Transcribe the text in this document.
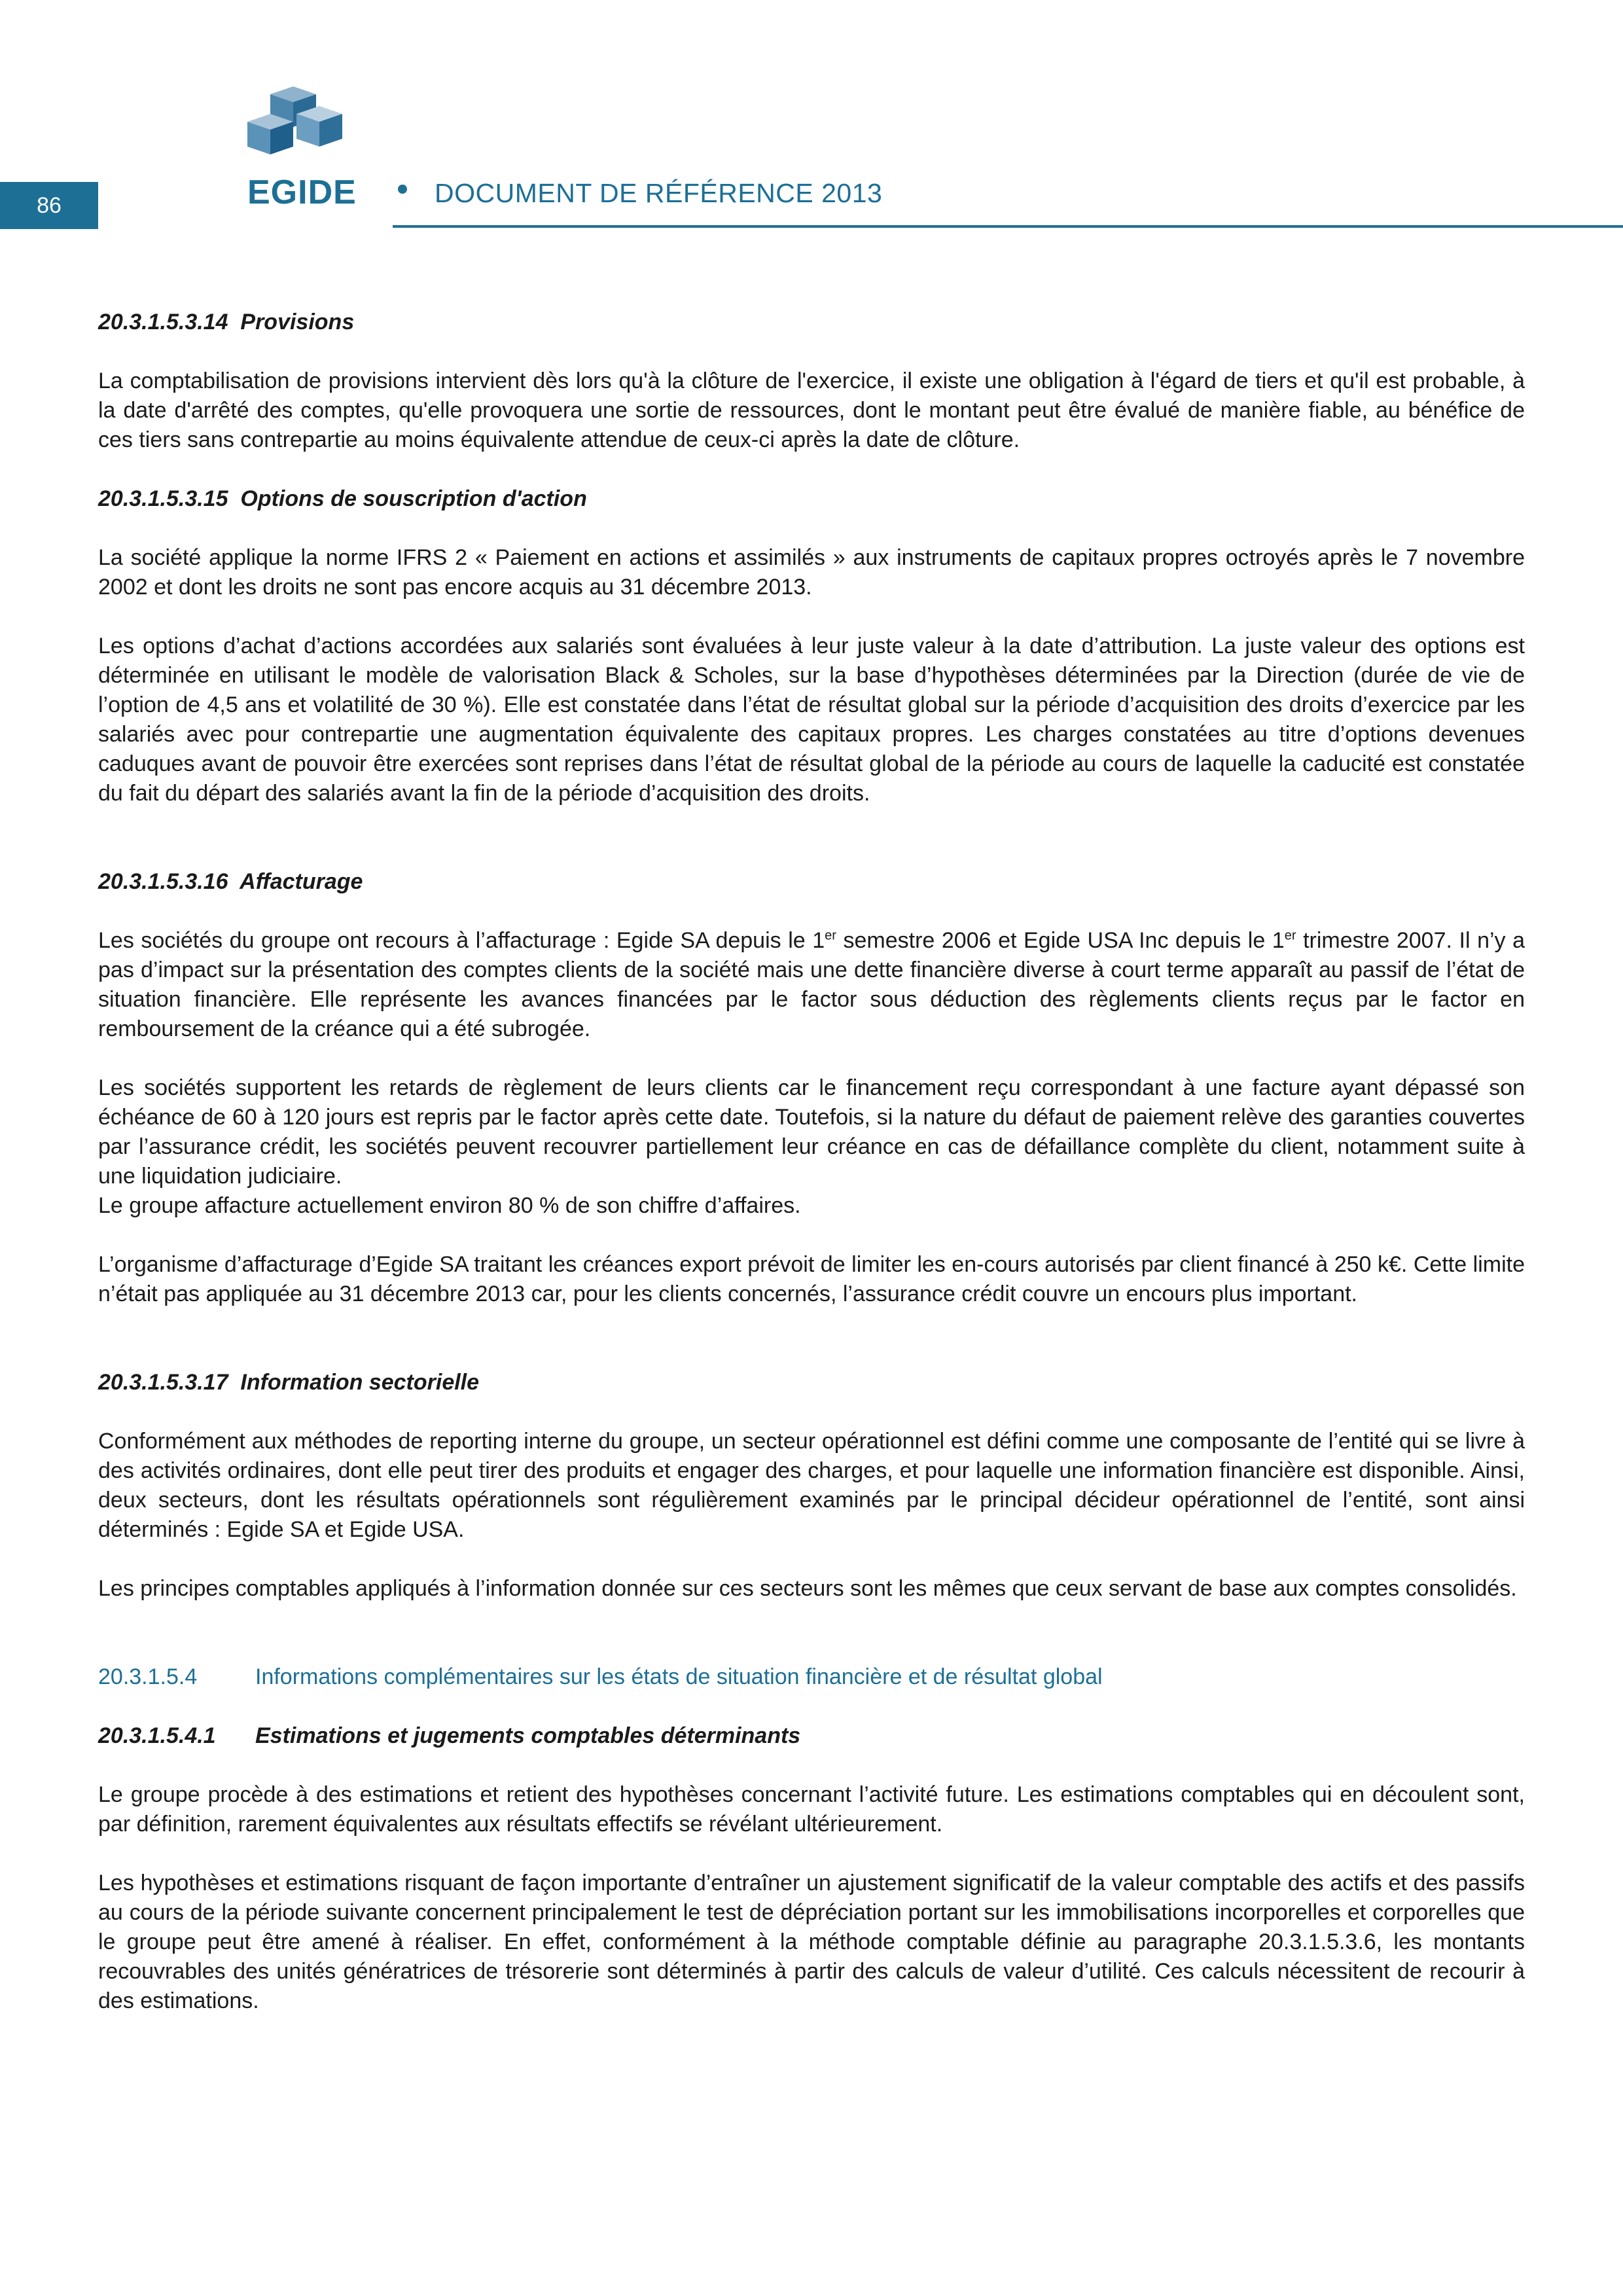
86	EGIDE	DOCUMENT DE RÉFÉRENCE 2013
20.3.1.5.3.14  Provisions
La comptabilisation de provisions intervient dès lors qu'à la clôture de l'exercice, il existe une obligation à l'égard de tiers et qu'il est probable, à la date d'arrêté des comptes, qu'elle provoquera une sortie de ressources, dont le montant peut être évalué de manière fiable, au bénéfice de ces tiers sans contrepartie au moins équivalente attendue de ceux-ci après la date de clôture.
20.3.1.5.3.15  Options de souscription d'action
La société applique la norme IFRS 2 « Paiement en actions et assimilés » aux instruments de capitaux propres octroyés après le 7 novembre 2002 et dont les droits ne sont pas encore acquis au 31 décembre 2013.
Les options d’achat d’actions accordées aux salariés sont évaluées à leur juste valeur à la date d’attribution. La juste valeur des options est déterminée en utilisant le modèle de valorisation Black & Scholes, sur la base d’hypothèses déterminées par la Direction (durée de vie de l’option de 4,5 ans et volatilité de 30 %). Elle est constatée dans l’état de résultat global sur la période d’acquisition des droits d’exercice par les salariés avec pour contrepartie une augmentation équivalente des capitaux propres. Les charges constatées au titre d’options devenues caduques avant de pouvoir être exercées sont reprises dans l’état de résultat global de la période au cours de laquelle la caducité est constatée du fait du départ des salariés avant la fin de la période d’acquisition des droits.
20.3.1.5.3.16  Affacturage
Les sociétés du groupe ont recours à l’affacturage : Egide SA depuis le 1er semestre 2006 et Egide USA Inc depuis le 1er trimestre 2007. Il n’y a pas d’impact sur la présentation des comptes clients de la société mais une dette financière diverse à court terme apparaît au passif de l’état de situation financière. Elle représente les avances financées par le factor sous déduction des règlements clients reçus par le factor en remboursement de la créance qui a été subrogée.
Les sociétés supportent les retards de règlement de leurs clients car le financement reçu correspondant à une facture ayant dépassé son échéance de 60 à 120 jours est repris par le factor après cette date. Toutefois, si la nature du défaut de paiement relève des garanties couvertes par l’assurance crédit, les sociétés peuvent recouvrer partiellement leur créance en cas de défaillance complète du client, notamment suite à une liquidation judiciaire.
Le groupe affacture actuellement environ 80 % de son chiffre d’affaires.
L’organisme d’affacturage d’Egide SA traitant les créances export prévoit de limiter les en-cours autorisés par client financé à 250 k€. Cette limite n’était pas appliquée au 31 décembre 2013 car, pour les clients concernés, l’assurance crédit couvre un encours plus important.
20.3.1.5.3.17  Information sectorielle
Conformément aux méthodes de reporting interne du groupe, un secteur opérationnel est défini comme une composante de l’entité qui se livre à des activités ordinaires, dont elle peut tirer des produits et engager des charges, et pour laquelle une information financière est disponible. Ainsi, deux secteurs, dont les résultats opérationnels sont régulièrement examinés par le principal décideur opérationnel de l’entité, sont ainsi déterminés : Egide SA et Egide USA.
Les principes comptables appliqués à l’information donnée sur ces secteurs sont les mêmes que ceux servant de base aux comptes consolidés.
20.3.1.5.4	Informations complémentaires sur les états de situation financière et de résultat global
20.3.1.5.4.1 Estimations et jugements comptables déterminants
Le groupe procède à des estimations et retient des hypothèses concernant l’activité future. Les estimations comptables qui en découlent sont, par définition, rarement équivalentes aux résultats effectifs se révélant ultérieurement.
Les hypothèses et estimations risquant de façon importante d’entraîner un ajustement significatif de la valeur comptable des actifs et des passifs au cours de la période suivante concernent principalement le test de dépréciation portant sur les immobilisations incorporelles et corporelles que le groupe peut être amené à réaliser. En effet, conformément à la méthode comptable définie au paragraphe 20.3.1.5.3.6, les montants recouvrables des unités génératrices de trésorerie sont déterminés à partir des calculs de valeur d’utilité. Ces calculs nécessitent de recourir à des estimations.
